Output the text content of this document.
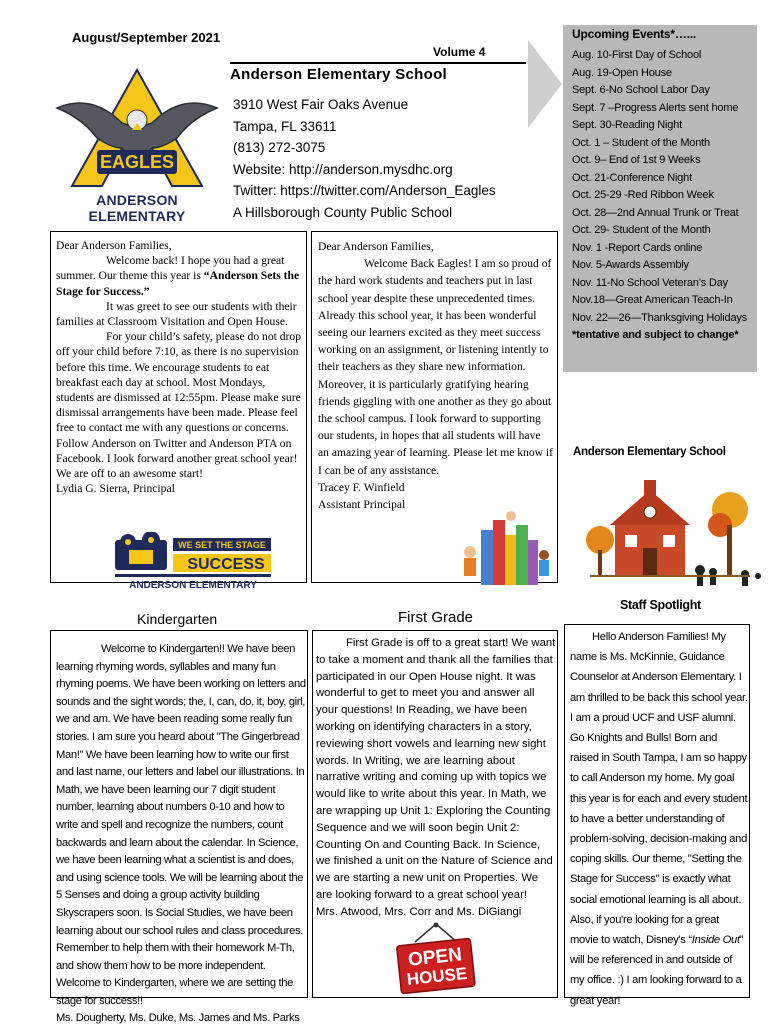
August/September 2021
Volume 4
Anderson Elementary School
3910 West Fair Oaks Avenue
Tampa, FL 33611
(813) 272-3075
Website: http://anderson.mysdhc.org
Twitter: https://twitter.com/Anderson_Eagles
A Hillsborough County Public School
EAGLES
ANDERSON ELEMENTARY
Upcoming Events*…...
Aug. 10-First Day of School
Aug. 19-Open House
Sept. 6-No School Labor Day
Sept. 7 –Progress Alerts sent home
Sept. 30-Reading Night
Oct. 1 – Student of the Month
Oct. 9– End of 1st 9 Weeks
Oct. 21-Conference Night
Oct. 25-29 -Red Ribbon Week
Oct. 28—2nd Annual Trunk or Treat
Oct. 29- Student of the Month
Nov. 1 -Report Cards online
Nov. 5-Awards Assembly
Nov. 11-No School Veteran’s Day
Nov.18—Great American Teach-In
Nov. 22—26—Thanksgiving Holidays
*tentative and subject to change*
Anderson Elementary School

Dear Anderson Families,

Welcome back! I hope you had a great summer. Our theme this year is “Anderson Sets the Stage for Success.”

It was greet to see our students with their families at Classroom Visitation and Open House.

For your child’s safety, please do not drop off your child before 7:10, as there is no supervision before this time. We encourage students to eat breakfast each day at school. Most Mondays, students are dismissed at 12:55pm. Please make sure dismissal arrangements have been made. Please feel free to contact me with any questions or concerns. Follow Anderson on Twitter and Anderson PTA on Facebook. I look forward another great school year! We are off to an awesome start!

Lydia G. Sierra, Principal

WE SET THE STAGE
SUCCESS
ANDERSON ELEMENTARY
Dear Anderson Families,
Welcome Back Eagles! I am so proud of the hard work students and teachers put in last school year despite these unprecedented times. Already this school year, it has been wonderful seeing our learners excited as they meet success working on an assignment, or listening intently to their teachers as they share new information. Moreover, it is particularly gratifying hearing friends giggling with one another as they go about the school campus. I look forward to supporting our students, in hopes that all students will have an amazing year of learning. Please let me know if I can be of any assistance.
Tracey F. Winfield
Assistant Principal
Kindergarten
Welcome to Kindergarten!! We have been learning rhyming words, syllables and many fun rhyming poems. We have been working on letters and sounds and the sight words; the, I, can, do, it, boy, girl, we and am. We have been reading some really fun stories. I am sure you heard about "The Gingerbread Man!" We have been learning how to write our first and last name, our letters and label our illustrations. In Math, we have been learning our 7 digit student number, learning about numbers 0-10 and how to write and spell and recognize the numbers, count backwards and learn about the calendar. In Science, we have been learning what a scientist is and does, and using science tools. We will be learning about the 5 Senses and doing a group activity building Skyscrapers soon. Is Social Studies, we have been learning about our school rules and class procedures. Remember to help them with their homework M-Th, and show them how to be more independent. Welcome to Kindergarten, where we are setting the stage for success!!
Ms. Dougherty, Ms. Duke, Ms. James and Ms. Parks
First Grade
First Grade is off to a great start! We want to take a moment and thank all the families that participated in our Open House night. It was wonderful to get to meet you and answer all your questions! In Reading, we have been working on identifying characters in a story, reviewing short vowels and learning new sight words. In Writing, we are learning about narrative writing and coming up with topics we would like to write about this year. In Math, we are wrapping up Unit 1: Exploring the Counting Sequence and we will soon begin Unit 2: Counting On and Counting Back. In Science, we finished a unit on the Nature of Science and we are starting a new unit on Properties. We are looking forward to a great school year!
Mrs. Atwood, Mrs. Corr and Ms. DiGiangi
OPEN
HOUSE
Staff Spotlight
Hello Anderson Families! My name is Ms. McKinnie, Guidance Counselor at Anderson Elementary. I am thrilled to be back this school year. I am a proud UCF and USF alumni. Go Knights and Bulls! Born and raised in South Tampa, I am so happy to call Anderson my home. My goal this year is for each and every student to have a better understanding of problem-solving, decision-making and coping skills. Our theme, "Setting the Stage for Success" is exactly what social emotional learning is all about. Also, if you're looking for a great movie to watch, Disney's “Inside Out” will be referenced in and outside of my office. :) I am looking forward to a great year!
